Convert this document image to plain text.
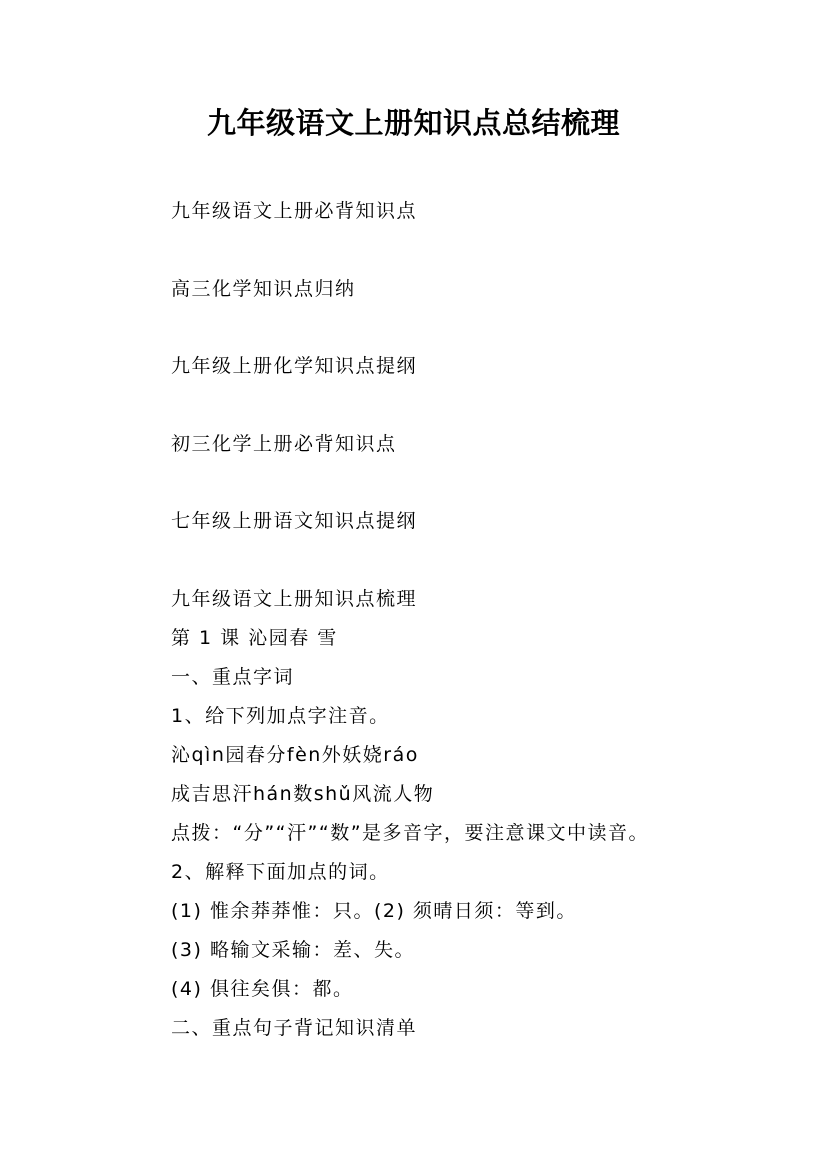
九年级语文上册知识点总结梳理
九年级语文上册必背知识点
高三化学知识点归纳
九年级上册化学知识点提纲
初三化学上册必背知识点
七年级上册语文知识点提纲
九年级语文上册知识点梳理
第 1 课 沁园春 雪
一、重点字词
1、给下列加点字注音。
沁qìn园春分fèn外妖娆ráo
成吉思汗hán数shǔ风流人物
点拨：“分”“汗”“数”是多音字，要注意课文中读音。
2、解释下面加点的词。
(1) 惟余莽莽惟：只。(2) 须晴日须：等到。
(3) 略输文采输：差、失。
(4) 俱往矣俱：都。
二、重点句子背记知识清单
